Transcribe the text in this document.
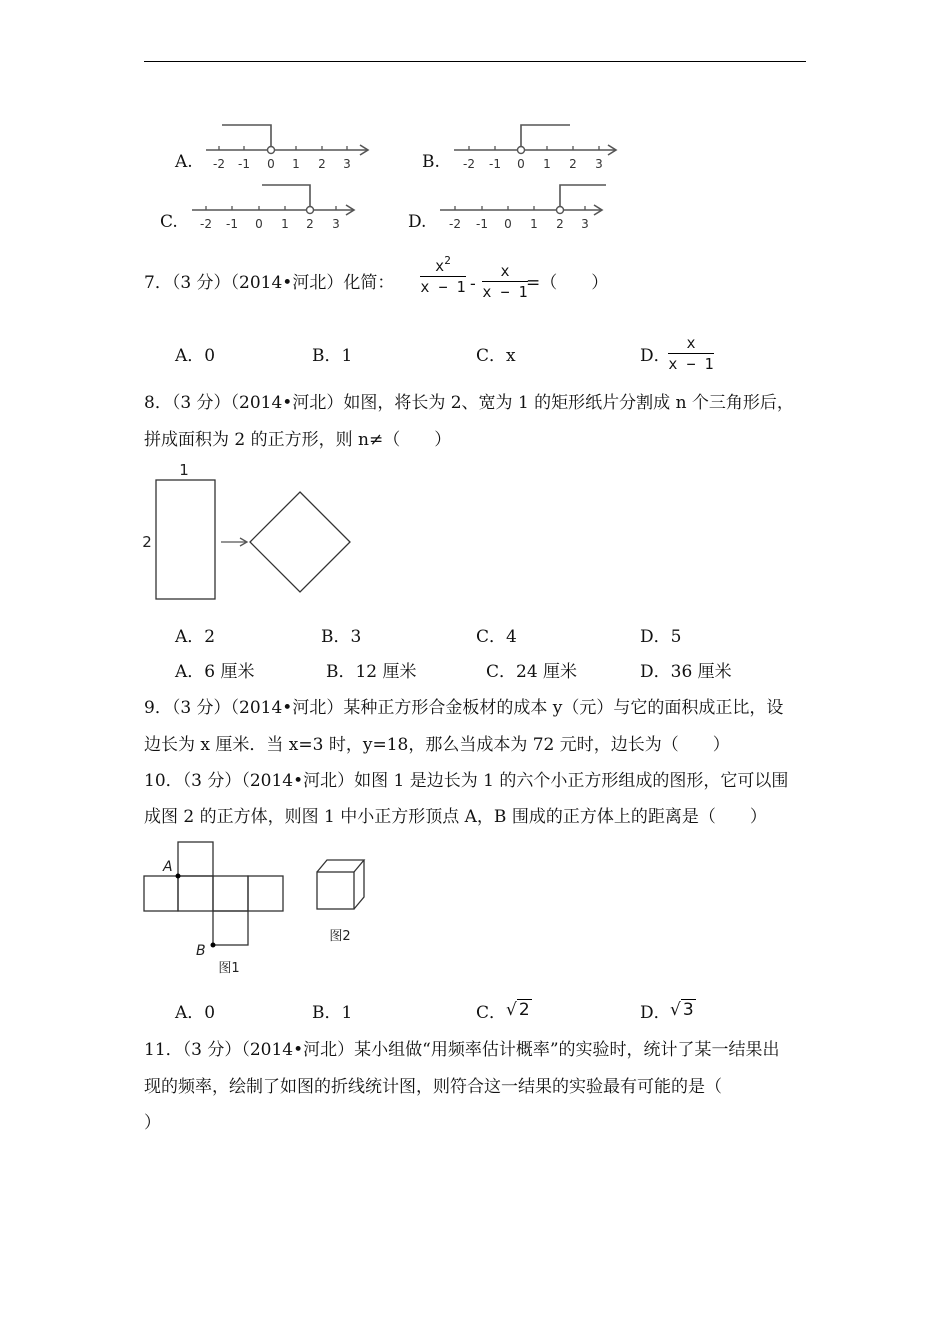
A. -2 -1 0 1 2 3	B. -2 -1 0 1 2 3
C. -2 -1 0 1 2 3	D. -2 -1 0 1 2 3
7．（3 分）（2014•河北）化简： $\frac{x^2}{x - 1} - \frac{x}{x - 1}$
=（　　）
A．0	B．1	C．x	D．
$\frac{x}{x - 1}$
8．（3 分）（2014•河北）如图，将长为 2、宽为 1 的矩形纸片分割成 n 个三角形后，
拼成面积为 2 的正方形，则 n≠（　　）
1
2
A．2	B．3	C．4	D．5
A．6 厘米	B．12 厘米	C．24 厘米	D．36 厘米
9．（3 分）（2014•河北）某种正方形合金板材的成本 y（元）与它的面积成正比，设
边长为 x 厘米．当 x=3 时，y=18，那么当成本为 72 元时，边长为（　　）
10．（3 分）（2014•河北）如图 1 是边长为 1 的六个小正方形组成的图形，它可以围
成图 2 的正方体，则图 1 中小正方形顶点 A，B 围成的正方体上的距离是（　　）
A
B
图1
图2
A．0	B．1	C． √ 2	D． √ 3
11．（3 分）（2014•河北）某小组做“用频率估计概率”的实验时，统计了某一结果出
现的频率，绘制了如图的折线统计图，则符合这一结果的实验最有可能的是（
）
